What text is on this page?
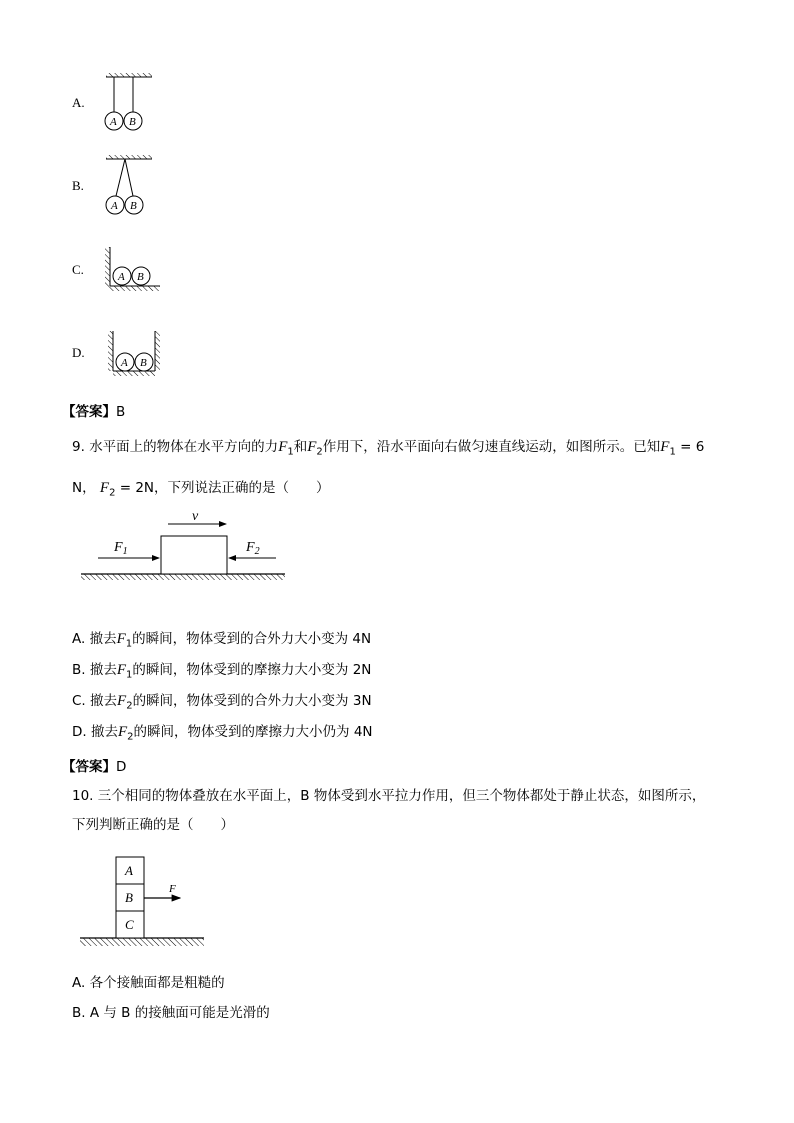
A.
A B
B.
A B
C.	A B
D.
A B
【答案】B
9. 水平面上的物体在水平方向的力$F_1$和$F_2$作用下，沿水平面向右做匀速直线运动，如图所示。已知$F_1 = 6$
N， $F_2 = 2N$，下列说法正确的是（　　）
v
$F_1$	$F_2$
A. 撤去$F_1$的瞬间，物体受到的合外力大小变为 4N
B. 撤去$F_1$的瞬间，物体受到的摩擦力大小变为 2N
C. 撤去$F_2$的瞬间，物体受到的合外力大小变为 3N
D. 撤去$F_2$的瞬间，物体受到的摩擦力大小仍为 4N
【答案】D
10. 三个相同的物体叠放在水平面上，B 物体受到水平拉力作用，但三个物体都处于静止状态，如图所示，
下列判断正确的是（　　）
A
B
C
F
A. 各个接触面都是粗糙的
B. A 与 B 的接触面可能是光滑的
